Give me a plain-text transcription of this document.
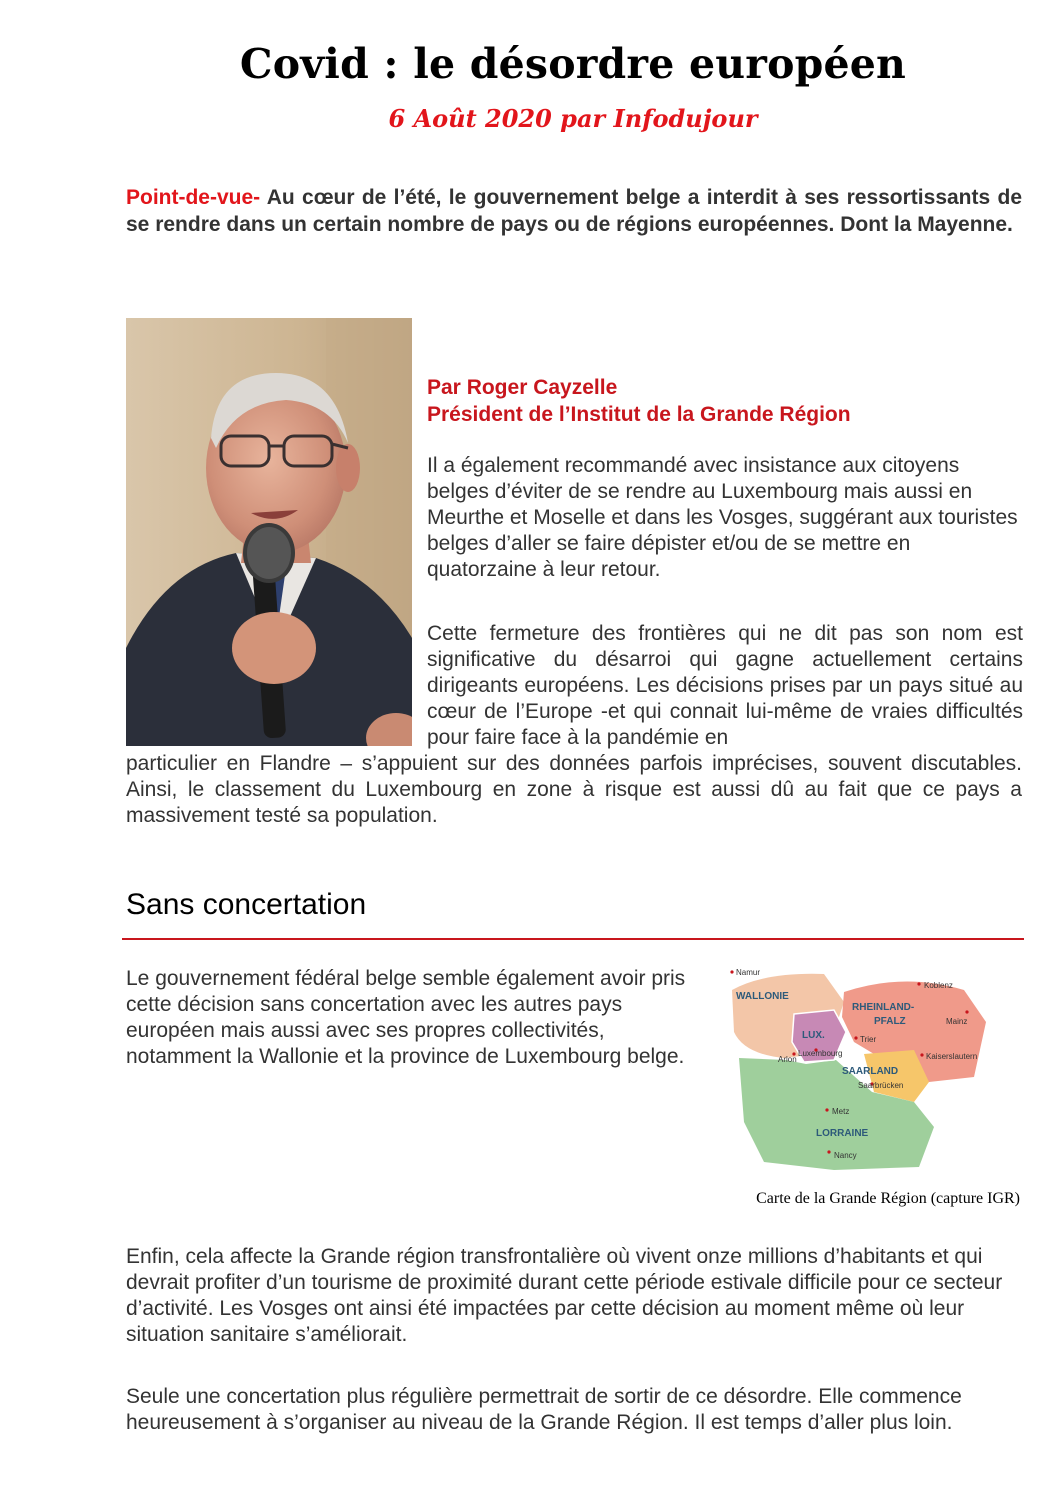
Covid : le désordre européen
6 Août 2020 par Infodujour

Point-de-vue- Au cœur de l’été, le gouvernement belge a interdit à ses ressortissants de se rendre dans un certain nombre de pays ou de régions européennes. Dont la Mayenne.

Par Roger Cayzelle
Président de l’Institut de la Grande Région

Il a également recommandé avec insistance aux citoyens belges d’éviter de se rendre au Luxembourg mais aussi en Meurthe et Moselle et dans les Vosges, suggérant aux touristes belges d’aller se faire dépister et/ou de se mettre en quatorzaine à leur retour.

Cette fermeture des frontières qui ne dit pas son nom est significative du désarroi qui gagne actuellement certains dirigeants européens. Les décisions prises par un pays situé au cœur de l’Europe -et qui connait lui-même de vraies difficultés pour faire face à la pandémie en

particulier en Flandre – s’appuient sur des données parfois imprécises, souvent discutables. Ainsi, le classement du Luxembourg en zone à risque est aussi dû au fait que ce pays a massivement testé sa population.

Sans concertation

Le gouvernement fédéral belge semble également avoir pris cette décision sans concertation avec les autres pays européen mais aussi avec ses propres collectivités, notamment la Wallonie et la province de Luxembourg belge.

Namur
Koblenz
WALLONIE
RHEINLAND-
PFALZ	Mainz
LUX.	Trier
Luxembourg
Arlon	Kaiserslautern
SAARLAND
Saarbrücken
Metz
LORRAINE
Nancy
Carte de la Grande Région (capture IGR)

Enfin, cela affecte la Grande région transfrontalière où vivent onze millions d’habitants et qui devrait profiter d’un tourisme de proximité durant cette période estivale difficile pour ce secteur d’activité. Les Vosges ont ainsi été impactées par cette décision au moment même où leur situation sanitaire s’améliorait.

Seule une concertation plus régulière permettrait de sortir de ce désordre. Elle commence heureusement à s’organiser au niveau de la Grande Région. Il est temps d’aller plus loin.
